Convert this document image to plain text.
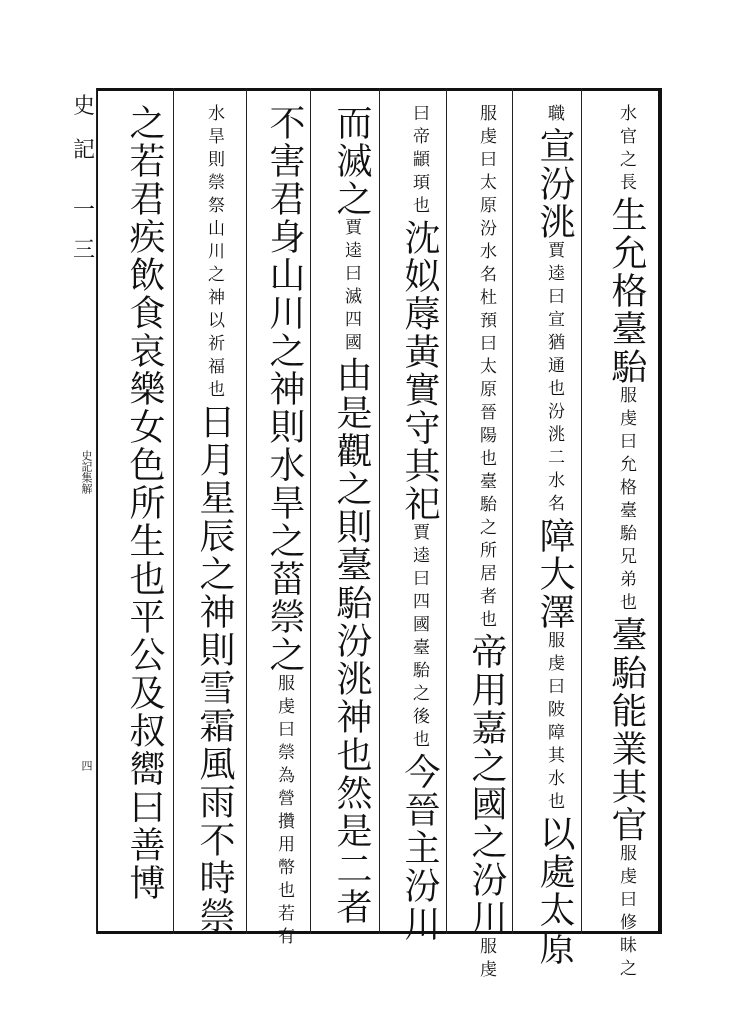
史
記
一
三
史記集解
四
水官之長生允格臺駘服虔曰允格臺駘兄弟也臺駘能業其官服虔曰修昧之
職宣汾洮賈逵曰宣猶通也汾洮二水名障大澤服虔曰陂障其水也以處太原
服虔曰太原汾水名杜預曰太原晉陽也臺駘之所居者也帝用嘉之國之汾川服虔
曰帝顓頊也沈姒蓐黃實守其祀賈逵曰四國臺駘之後也今晉主汾川
而滅之賈逵曰滅四國由是觀之則臺駘汾洮神也然是二者
不害君身山川之神則水旱之菑禜之服虔曰禜為營攢用幣也若有
水旱則禜祭山川之神以祈福也日月星辰之神則雪霜風雨不時禜
之若君疾飲食哀樂女色所生也平公及叔嚮曰善博
